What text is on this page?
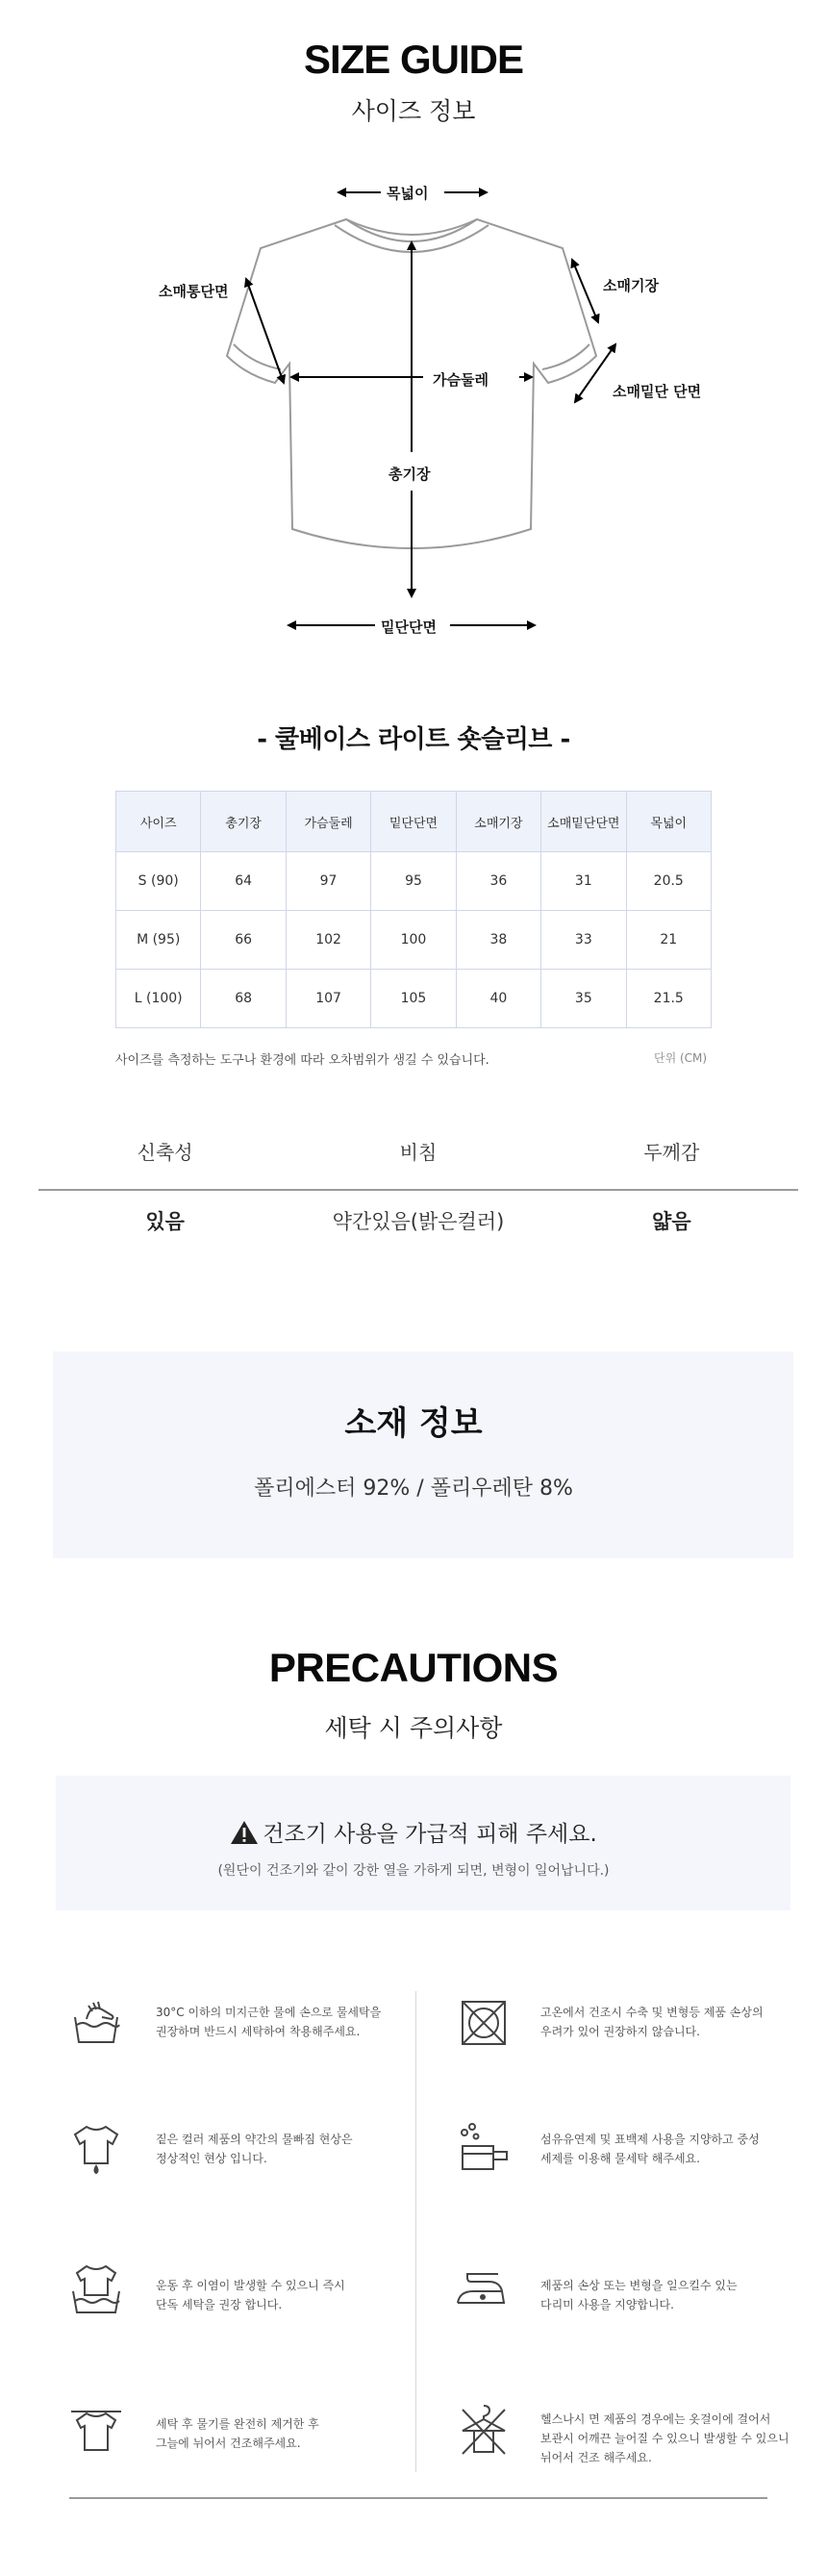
SIZE GUIDE
사이즈 정보
목넓이
소매통단면	소매기장
가슴둘레
소매밑단 단면
총기장
밑단단면
- 쿨베이스 라이트 숏슬리브 -
사이즈	총기장	가슴둘레	밑단단면	소매기장	소매밑단단면	목넓이
S (90)	64	97	95	36	31	20.5
M (95)	66	102	100	38	33	21
L (100)	68	107	105	40	35	21.5
사이즈를 측정하는 도구나 환경에 따라 오차범위가 생길 수 있습니다.	단위 (CM)
신축성	비침	두께감
있음	약간있음(밝은컬러)	얇음
소재 정보
폴리에스터 92% / 폴리우레탄 8%
PRECAUTIONS
세탁 시 주의사항
건조기 사용을 가급적 피해 주세요.
(원단이 건조기와 같이 강한 열을 가하게 되면, 변형이 일어납니다.)
30°C 이하의 미지근한 물에 손으로 물세탁을
권장하며 반드시 세탁하여 착용해주세요.
짙은 컬러 제품의 약간의 물빠짐 현상은
정상적인 현상 입니다.
운동 후 이염이 발생할 수 있으니 즉시
단독 세탁을 권장 합니다.
세탁 후 물기를 완전히 제거한 후
그늘에 뉘어서 건조해주세요.
고온에서 건조시 수축 및 변형등 제품 손상의
우려가 있어 권장하지 않습니다.
섬유유연제 및 표백제 사용을 지양하고 중성
세제를 이용해 물세탁 해주세요.
제품의 손상 또는 변형을 일으킬수 있는
다리미 사용을 지양합니다.
헬스나시 면 제품의 경우에는 옷걸이에 걸어서
보관시 어깨끈 늘어질 수 있으니 발생할 수 있으니
뉘어서 건조 해주세요.
